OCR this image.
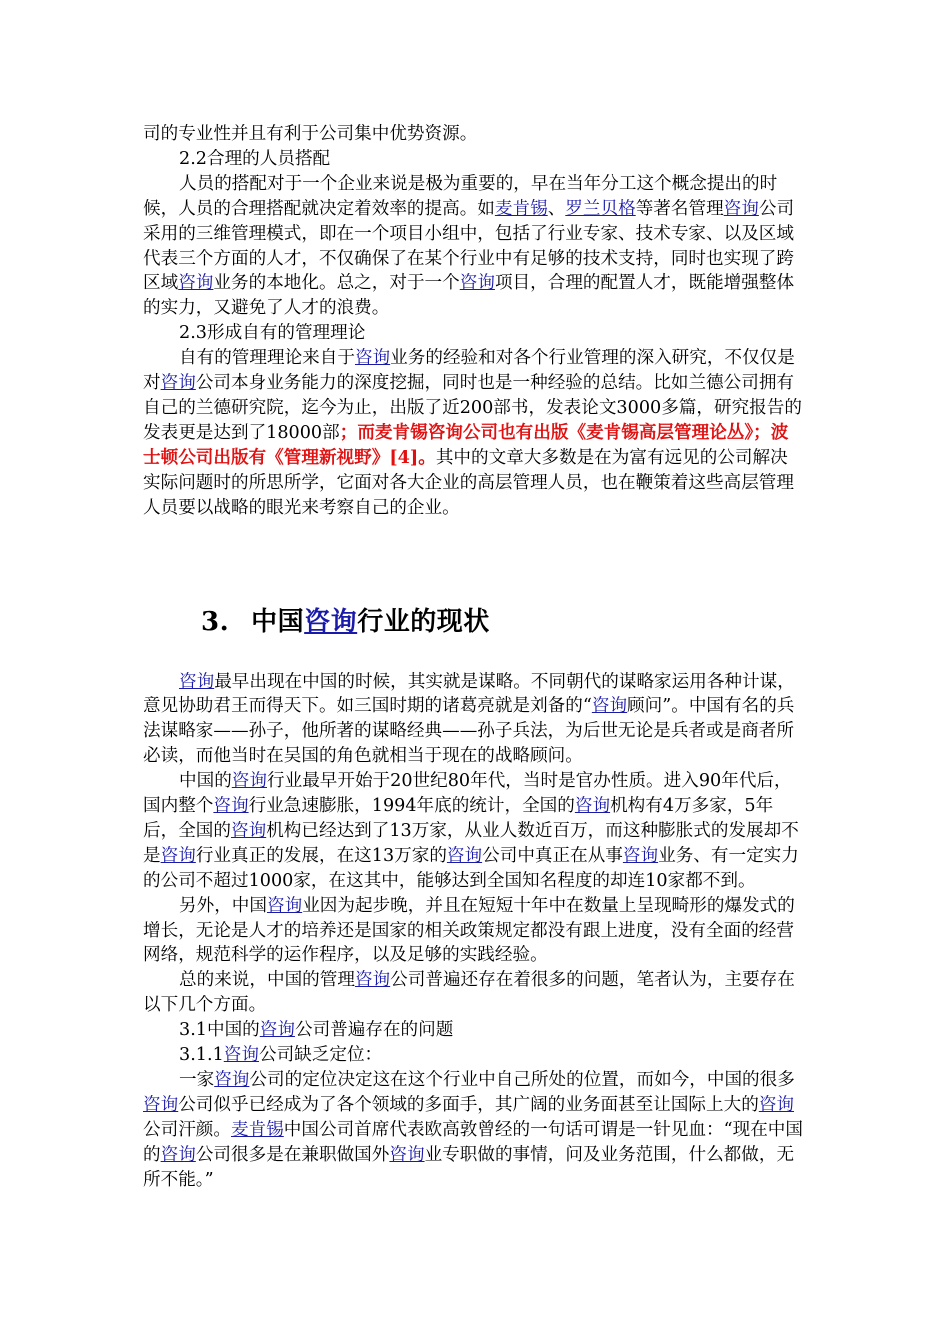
司的专业性并且有利于公司集中优势资源。

2.2合理的人员搭配

人员的搭配对于一个企业来说是极为重要的，早在当年分工这个概念提出的时候，人员的合理搭配就决定着效率的提高。如麦肯锡、罗兰贝格等著名管理咨询公司采用的三维管理模式，即在一个项目小组中，包括了行业专家、技术专家、以及区域代表三个方面的人才，不仅确保了在某个行业中有足够的技术支持，同时也实现了跨区域咨询业务的本地化。总之，对于一个咨询项目，合理的配置人才，既能增强整体的实力，又避免了人才的浪费。

2.3形成自有的管理理论

自有的管理理论来自于咨询业务的经验和对各个行业管理的深入研究，不仅仅是对咨询公司本身业务能力的深度挖掘，同时也是一种经验的总结。比如兰德公司拥有自己的兰德研究院，迄今为止，出版了近200部书，发表论文3000多篇，研究报告的发表更是达到了18000部；而麦肯锡咨询公司也有出版《麦肯锡高层管理论丛》；波士顿公司出版有《管理新视野》[4]。其中的文章大多数是在为富有远见的公司解决实际问题时的所思所学，它面对各大企业的高层管理人员，也在鞭策着这些高层管理人员要以战略的眼光来考察自己的企业。

3. 中国咨询行业的现状

咨询最早出现在中国的时候，其实就是谋略。不同朝代的谋略家运用各种计谋，意见协助君王而得天下。如三国时期的诸葛亮就是刘备的“咨询顾问”。中国有名的兵法谋略家——孙子，他所著的谋略经典——孙子兵法，为后世无论是兵者或是商者所必读，而他当时在吴国的角色就相当于现在的战略顾问。

中国的咨询行业最早开始于20世纪80年代，当时是官办性质。进入90年代后，国内整个咨询行业急速膨胀，1994年底的统计，全国的咨询机构有4万多家，5年后，全国的咨询机构已经达到了13万家，从业人数近百万，而这种膨胀式的发展却不是咨询行业真正的发展，在这13万家的咨询公司中真正在从事咨询业务、有一定实力的公司不超过1000家，在这其中，能够达到全国知名程度的却连10家都不到。

另外，中国咨询业因为起步晚，并且在短短十年中在数量上呈现畸形的爆发式的增长，无论是人才的培养还是国家的相关政策规定都没有跟上进度，没有全面的经营网络，规范科学的运作程序，以及足够的实践经验。

总的来说，中国的管理咨询公司普遍还存在着很多的问题，笔者认为，主要存在以下几个方面。

3.1中国的咨询公司普遍存在的问题

3.1.1咨询公司缺乏定位：

一家咨询公司的定位决定这在这个行业中自己所处的位置，而如今，中国的很多咨询公司似乎已经成为了各个领域的多面手，其广阔的业务面甚至让国际上大的咨询公司汗颜。麦肯锡中国公司首席代表欧高敦曾经的一句话可谓是一针见血：“现在中国的咨询公司很多是在兼职做国外咨询业专职做的事情，问及业务范围，什么都做，无所不能。”
